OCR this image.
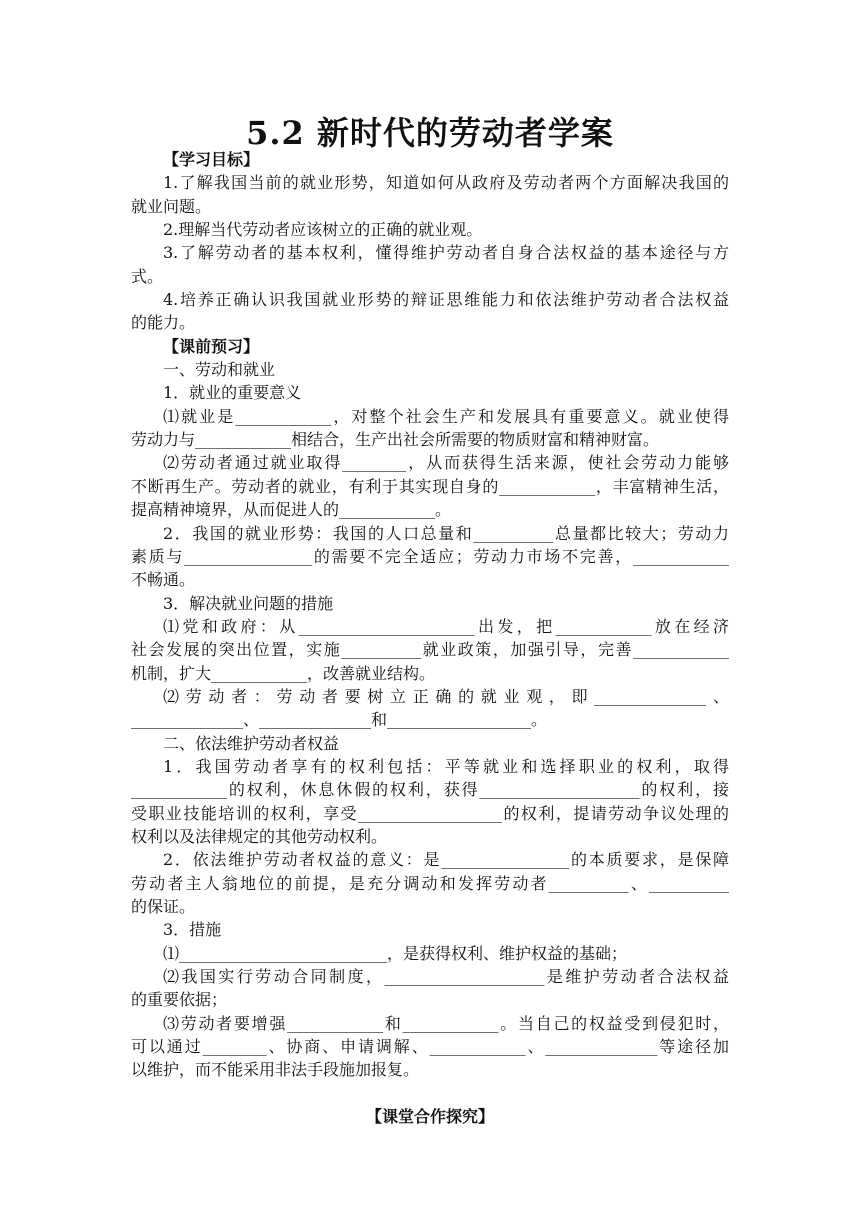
5.2 新时代的劳动者学案
【学习目标】
1.了解我国当前的就业形势，知道如何从政府及劳动者两个方面解决我国的
就业问题。
2.理解当代劳动者应该树立的正确的就业观。
3.了解劳动者的基本权利，懂得维护劳动者自身合法权益的基本途径与方
式。
4.培养正确认识我国就业形势的辩证思维能力和依法维护劳动者合法权益
的能力。
【课前预习】
一、劳动和就业
1．就业的重要意义
⑴就业是____________，对整个社会生产和发展具有重要意义。就业使得
劳动力与____________相结合，生产出社会所需要的物质财富和精神财富。
⑵劳动者通过就业取得________，从而获得生活来源，使社会劳动力能够
不断再生产。劳动者的就业，有利于其实现自身的____________，丰富精神生活，
提高精神境界，从而促进人的____________。
2．我国的就业形势：我国的人口总量和__________总量都比较大；劳动力
素质与________________的需要不完全适应；劳动力市场不完善，____________
不畅通。
3．解决就业问题的措施
⑴党和政府：从______________________出发，把____________放在经济
社会发展的突出位置，实施__________就业政策，加强引导，完善____________
机制，扩大____________，改善就业结构。
⑵劳动者：劳动者要树立正确的就业观，即______________、
______________、______________和__________________。
二、依法维护劳动者权益
1．我国劳动者享有的权利包括：平等就业和选择职业的权利，取得
____________的权利，休息休假的权利，获得____________________的权利，接
受职业技能培训的权利，享受__________________的权利，提请劳动争议处理的
权利以及法律规定的其他劳动权利。
2．依法维护劳动者权益的意义：是________________的本质要求，是保障
劳动者主人翁地位的前提，是充分调动和发挥劳动者__________、__________
的保证。
3．措施
⑴__________________________，是获得权利、维护权益的基础；
⑵我国实行劳动合同制度，____________________是维护劳动者合法权益
的重要依据；
⑶劳动者要增强____________和____________。当自己的权益受到侵犯时，
可以通过________、协商、申请调解、____________、______________等途径加
以维护，而不能采用非法手段施加报复。
【课堂合作探究】
